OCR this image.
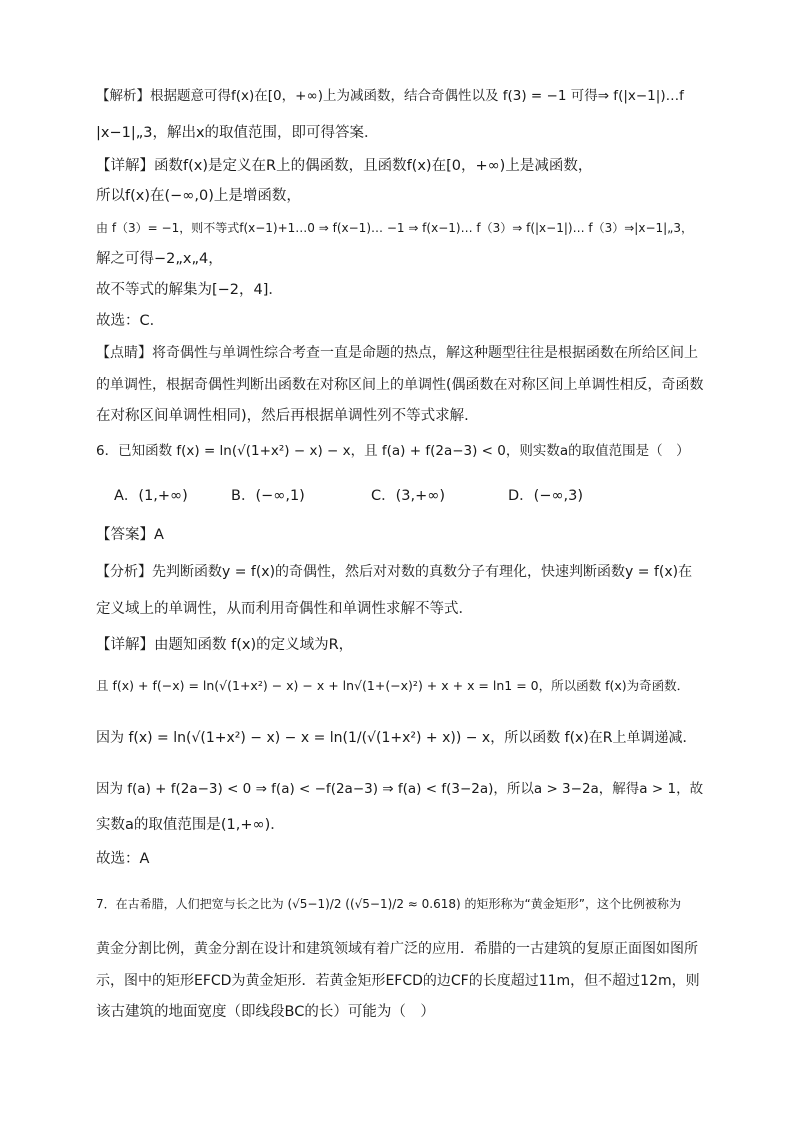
【解析】根据题意可得f(x)在[0，+∞)上为减函数，结合奇偶性以及 f(3) = −1 可得⇒ f(|x−1|)…f
|x−1|„3，解出x的取值范围，即可得答案．
【详解】函数f(x)是定义在R上的偶函数，且函数f(x)在[0，+∞)上是减函数，
所以f(x)在(−∞,0)上是增函数，
由 f（3）= −1，则不等式f(x−1)+1…0 ⇒ f(x−1)… −1 ⇒ f(x−1)… f（3）⇒ f(|x−1|)… f（3）⇒|x−1|„3，
解之可得−2„x„4，
故不等式的解集为[−2，4]．
故选：C．
【点睛】将奇偶性与单调性综合考查一直是命题的热点，解这种题型往往是根据函数在所给区间上
的单调性，根据奇偶性判断出函数在对称区间上的单调性(偶函数在对称区间上单调性相反，奇函数
在对称区间单调性相同)，然后再根据单调性列不等式求解.
6．已知函数 f(x) = ln(√(1+x²) − x) − x，且 f(a) + f(2a−3) < 0，则实数a的取值范围是（　）
A．(1,+∞)	B．(−∞,1)	C．(3,+∞)	D．(−∞,3)
【答案】A
【分析】先判断函数y = f(x)的奇偶性，然后对对数的真数分子有理化，快速判断函数y = f(x)在
定义域上的单调性，从而利用奇偶性和单调性求解不等式．
【详解】由题知函数 f(x)的定义域为R，
且 f(x) + f(−x) = ln(√(1+x²) − x) − x + ln√(1+(−x)²) + x + x = ln1 = 0，所以函数 f(x)为奇函数．
因为 f(x) = ln(√(1+x²) − x) − x = ln(1/(√(1+x²) + x)) − x，所以函数 f(x)在R上单调递减．
因为 f(a) + f(2a−3) < 0 ⇒ f(a) < −f(2a−3) ⇒ f(a) < f(3−2a)，所以a > 3−2a，解得a > 1，故
实数a的取值范围是(1,+∞)．
故选：A
7．在古希腊，人们把宽与长之比为 (√5−1)/2 ((√5−1)/2 ≈ 0.618) 的矩形称为“黄金矩形”，这个比例被称为
黄金分割比例，黄金分割在设计和建筑领域有着广泛的应用．希腊的一古建筑的复原正面图如图所
示，图中的矩形EFCD为黄金矩形．若黄金矩形EFCD的边CF的长度超过11m，但不超过12m，则
该古建筑的地面宽度（即线段BC的长）可能为（　）
